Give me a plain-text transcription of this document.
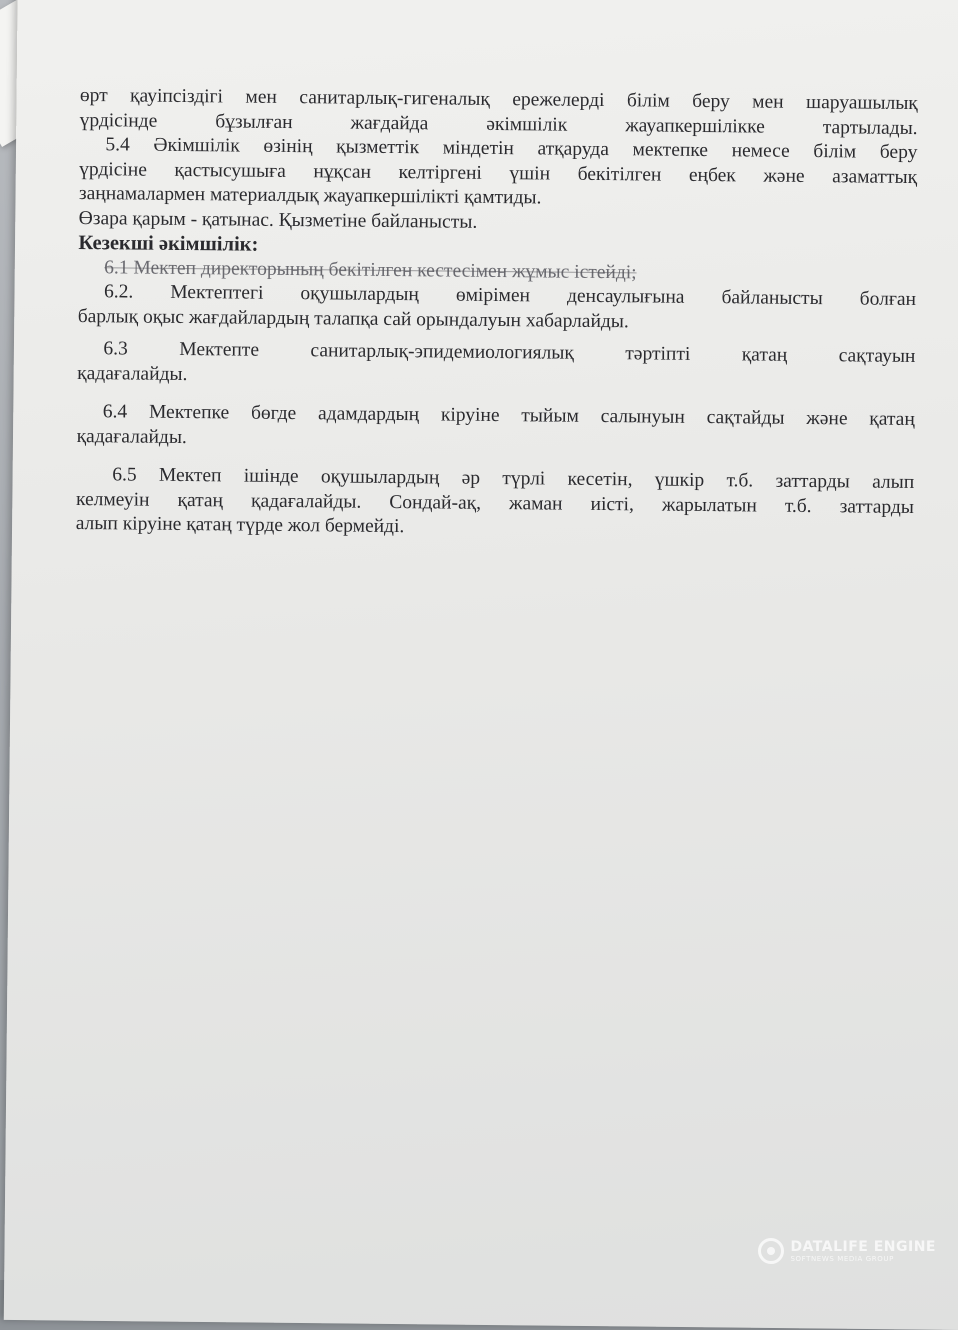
өрт қауіпсіздігі мен санитарлық-гигеналық ережелерді білім беру мен шаруашылық
үрдісінде бұзылған жағдайда әкімшілік жауапкершілікке тартылады.
5.4 Әкімшілік өзінің қызметтік міндетін атқаруда мектепке немесе білім беру
үрдісіне қастысушыға нұқсан келтіргені үшін бекітілген еңбек және азаматтық
заңнамалармен материалдық жауапкершілікті қамтиды.
Өзара қарым - қатынас. Қызметіне байланысты.
Кезекші әкімшілік:
6.1 Мектеп директорының бекітілген кестесімен жұмыс істейді;
6.2. Мектептегі оқушылардың өмірімен денсаулығына байланысты болған
барлық оқыс жағдайлардың талапқа сай орындалуын хабарлайды.
6.3 Мектепте санитарлық-эпидемиологиялық тәртіпті қатаң сақтауын
қадағалайды.
6.4 Мектепке бөгде адамдардың кіруіне тыйым салынуын сақтайды және қатаң
қадағалайды.
6.5 Мектеп ішінде оқушылардың әр түрлі кесетін, үшкір т.б. заттарды алып
келмеуін қатаң қадағалайды. Сондай-ақ, жаман иісті, жарылатын т.б. заттарды
алып кіруіне қатаң түрде жол бермейді.
DATALIFE ENGINE
SOFTNEWS MEDIA GROUP
